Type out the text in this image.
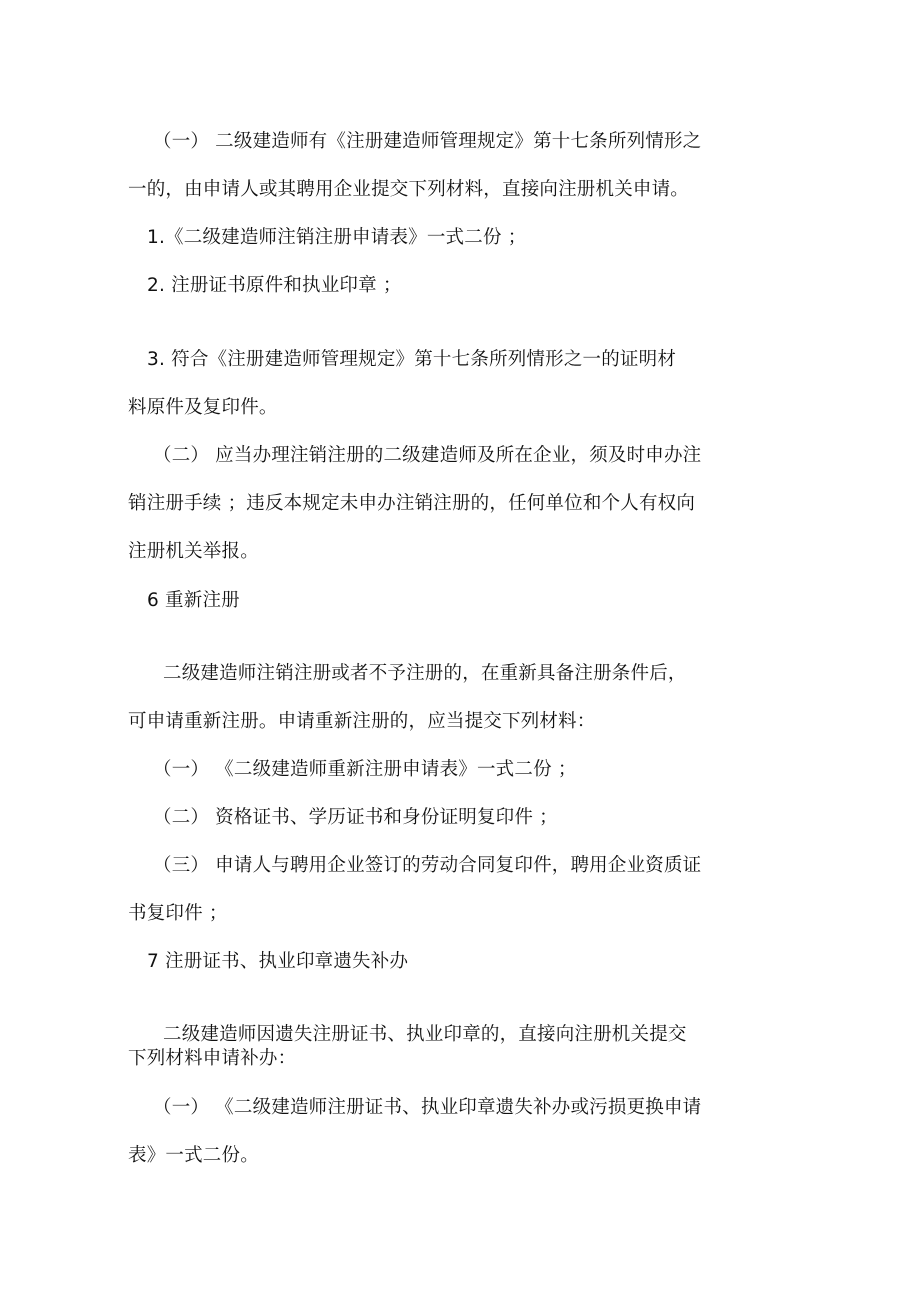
（一） 二级建造师有《注册建造师管理规定》第十七条所列情形之
一的，由申请人或其聘用企业提交下列材料，直接向注册机关申请。
1.《二级建造师注销注册申请表》一式二份 ；
2. 注册证书原件和执业印章 ；
3. 符合《注册建造师管理规定》第十七条所列情形之一的证明材
料原件及复印件。
（二） 应当办理注销注册的二级建造师及所在企业，须及时申办注
销注册手续 ；违反本规定未申办注销注册的，任何单位和个人有权向
注册机关举报。
6 重新注册
二级建造师注销注册或者不予注册的，在重新具备注册条件后，
可申请重新注册。申请重新注册的，应当提交下列材料：
（一） 《二级建造师重新注册申请表》一式二份 ；
（二） 资格证书、学历证书和身份证明复印件 ；
（三） 申请人与聘用企业签订的劳动合同复印件，聘用企业资质证
书复印件 ；
7 注册证书、执业印章遗失补办
二级建造师因遗失注册证书、执业印章的，直接向注册机关提交
下列材料申请补办：
（一） 《二级建造师注册证书、执业印章遗失补办或污损更换申请
表》一式二份。
